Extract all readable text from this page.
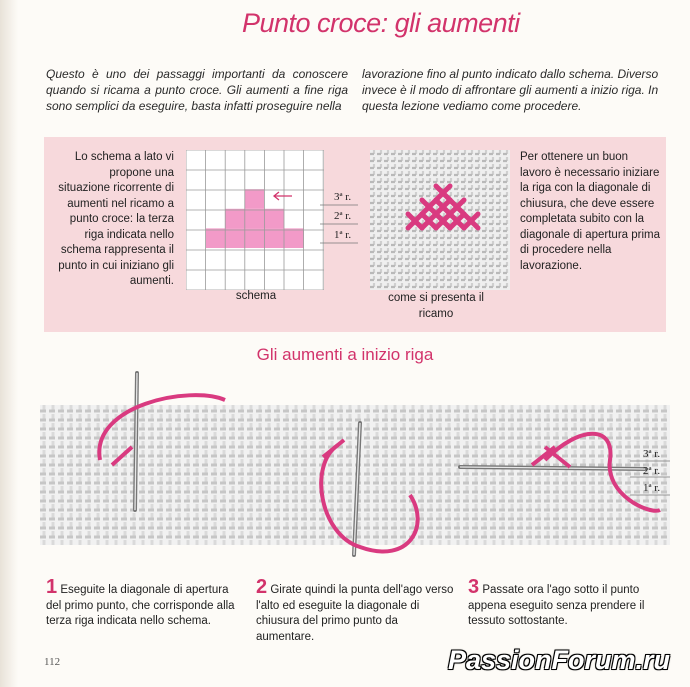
Punto croce: gli aumenti
Questo è uno dei passaggi importanti da conoscere quando si ricama a punto croce. Gli aumenti a fine riga sono semplici da eseguire, basta infatti proseguire nella
lavorazione fino al punto indicato dallo schema. Diverso invece è il modo di affrontare gli aumenti a inizio riga. In questa lezione vediamo come procedere.
Lo schema a lato vi propone una situazione ricorrente di aumenti nel ricamo a punto croce: la terza riga indicata nello schema rappresenta il punto in cui iniziano gli aumenti.
Per ottenere un buon lavoro è necessario iniziare la riga con la diagonale di chiusura, che deve essere completata subito con la diagonale di apertura prima di procedere nella lavorazione.
3ª r.
2ª r.
1ª r.
schema	come si presenta il ricamo
Gli aumenti a inizio riga
3ª r.
2ª r.
1ª r.
1 Eseguite la diagonale di apertura del primo punto, che corrisponde alla terza riga indicata nello schema.
2 Girate quindi la punta dell'ago verso l'alto ed eseguite la diagonale di chiusura del primo punto da aumentare.
3 Passate ora l'ago sotto il punto appena eseguito senza prendere il tessuto sottostante.
112	PassionForum.ru
